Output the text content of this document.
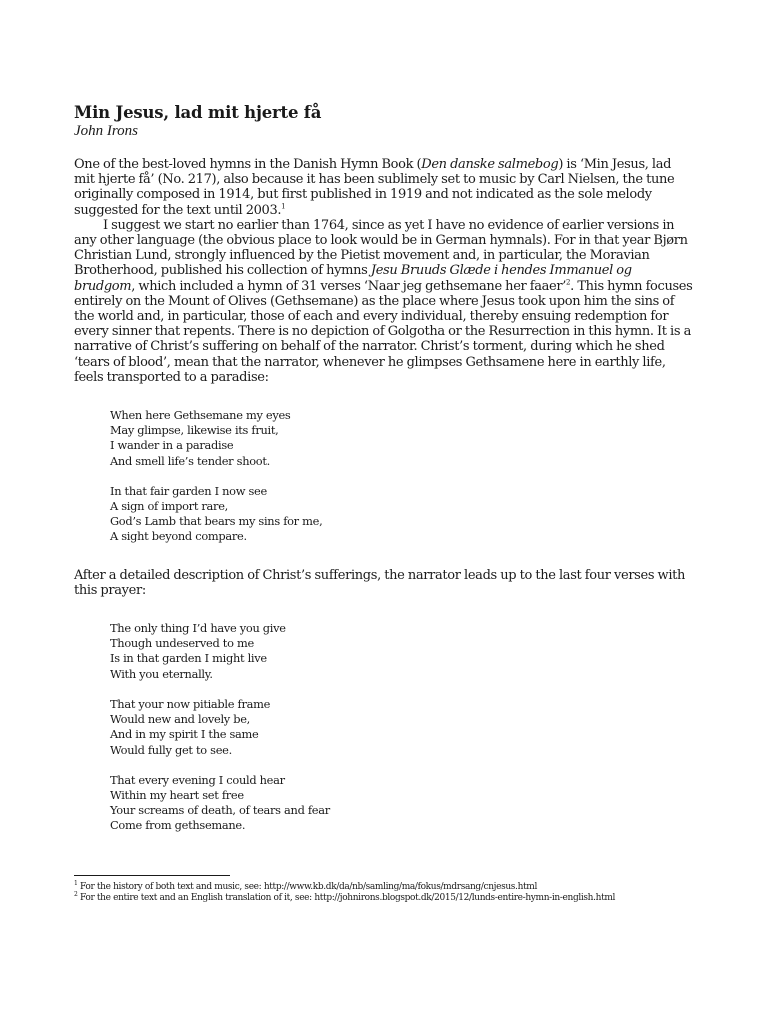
Min Jesus, lad mit hjerte få

John Irons

One of the best-loved hymns in the Danish Hymn Book (Den danske salmebog) is ‘Min Jesus, lad mit hjerte få’ (No. 217), also because it has been sublimely set to music by Carl Nielsen, the tune originally composed in 1914, but first published in 1919 and not indicated as the sole melody suggested for the text until 2003.$^1$

I suggest we start no earlier than 1764, since as yet I have no evidence of earlier versions in any other language (the obvious place to look would be in German hymnals). For in that year Bjørn Christian Lund, strongly influenced by the Pietist movement and, in particular, the Moravian Brotherhood, published his collection of hymns Jesu Bruuds Glæde i hendes Immanuel og brudgom, which included a hymn of 31 verses ‘Naar jeg gethsemane her faaer’$^2$. This hymn focuses entirely on the Mount of Olives (Gethsemane) as the place where Jesus took upon him the sins of the world and, in particular, those of each and every individual, thereby ensuing redemption for every sinner that repents. There is no depiction of Golgotha or the Resurrection in this hymn. It is a narrative of Christ’s suffering on behalf of the narrator. Christ’s torment, during which he shed ‘tears of blood’, mean that the narrator, whenever he glimpses Gethsamene here in earthly life, feels transported to a paradise:

When here Gethsemane my eyes
May glimpse, likewise its fruit,
I wander in a paradise
And smell life’s tender shoot.
In that fair garden I now see
A sign of import rare,
God’s Lamb that bears my sins for me,
A sight beyond compare.

After a detailed description of Christ’s sufferings, the narrator leads up to the last four verses with this prayer:

The only thing I’d have you give
Though undeserved to me
Is in that garden I might live
With you eternally.
That your now pitiable frame
Would new and lovely be,
And in my spirit I the same
Would fully get to see.
That every evening I could hear
Within my heart set free
Your screams of death, of tears and fear
Come from gethsemane.

$^1$ For the history of both text and music, see: http://www.kb.dk/da/nb/samling/ma/fokus/mdrsang/cnjesus.html

$^2$ For the entire text and an English translation of it, see: http://johnirons.blogspot.dk/2015/12/lunds-entire-hymn-in-english.html
